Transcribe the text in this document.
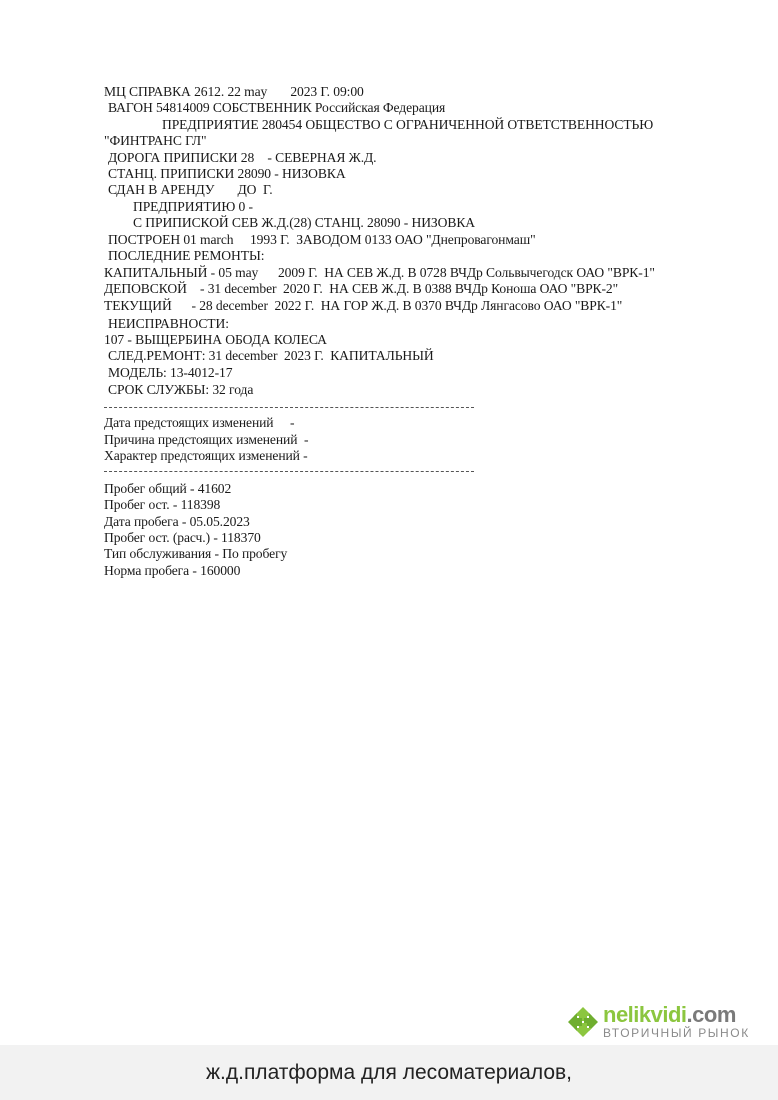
МЦ СПРАВКА 2612. 22 may       2023 Г. 09:00
ВАГОН 54814009 СОБСТВЕННИК Российская Федерация
ПРЕДПРИЯТИЕ 280454 ОБЩЕСТВО С ОГРАНИЧЕННОЙ ОТВЕТСТВЕННОСТЬЮ
"ФИНТРАНС ГЛ"
ДОРОГА ПРИПИСКИ 28    - СЕВЕРНАЯ Ж.Д.
СТАНЦ. ПРИПИСКИ 28090 - НИЗОВКА
СДАН В АРЕНДУ       ДО  Г.
ПРЕДПРИЯТИЮ 0 -
С ПРИПИСКОЙ СЕВ Ж.Д.(28) СТАНЦ. 28090 - НИЗОВКА
ПОСТРОЕН 01 march     1993 Г.  ЗАВОДОМ 0133 ОАО "Днепровагонмаш"
ПОСЛЕДНИЕ РЕМОНТЫ:
КАПИТАЛЬНЫЙ - 05 may      2009 Г.  НА СЕВ Ж.Д. В 0728 ВЧДр Сольвычегодск ОАО "ВРК-1"
ДЕПОВСКОЙ    - 31 december  2020 Г.  НА СЕВ Ж.Д. В 0388 ВЧДр Коноша ОАО "ВРК-2"
ТЕКУЩИЙ      - 28 december  2022 Г.  НА ГОР Ж.Д. В 0370 ВЧДр Лянгасово ОАО "ВРК-1"
НЕИСПРАВНОСТИ:
107 - ВЫЩЕРБИНА ОБОДА КОЛЕСА
СЛЕД.РЕМОНТ: 31 december  2023 Г.  КАПИТАЛЬНЫЙ
МОДЕЛЬ: 13-4012-17
СРОК СЛУЖБЫ: 32 года
Дата предстоящих изменений     -
Причина предстоящих изменений  -
Характер предстоящих изменений -
Пробег общий - 41602
Пробег ост. - 118398
Дата пробега - 05.05.2023
Пробег ост. (расч.) - 118370
Тип обслуживания - По пробегу
Норма пробега - 160000
nelikvidi.com
ВТОРИЧНЫЙ РЫНОК
ж.д.платформа для лесоматериалов,
